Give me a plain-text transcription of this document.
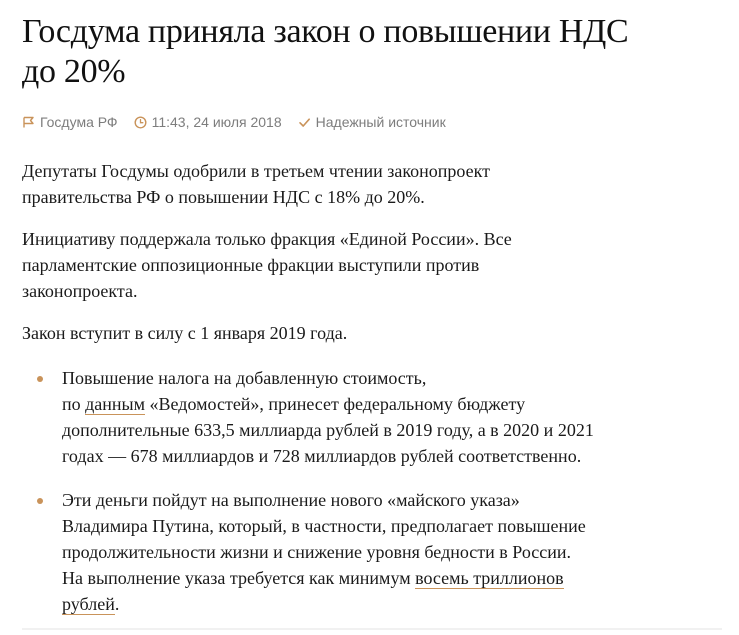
Госдума приняла закон о повышении НДС
до 20%
Госдума РФ 11:43, 24 июля 2018 Надежный источник

Депутаты Госдумы одобрили в третьем чтении законопроект
правительства РФ о повышении НДС с 18% до 20%.

Инициативу поддержала только фракция «Единой России». Все
парламентские оппозиционные фракции выступили против
законопроекта.

Закон вступит в силу с 1 января 2019 года.

Повышение налога на добавленную стоимость,
по данным «Ведомостей», принесет федеральному бюджету
дополнительные 633,5 миллиарда рублей в 2019 году, а в 2020 и 2021
годах — 678 миллиардов и 728 миллиардов рублей соответственно.
Эти деньги пойдут на выполнение нового «майского указа»
Владимира Путина, который, в частности, предполагает повышение
продолжительности жизни и снижение уровня бедности в России.
На выполнение указа требуется как минимум восемь триллионов
рублей.
